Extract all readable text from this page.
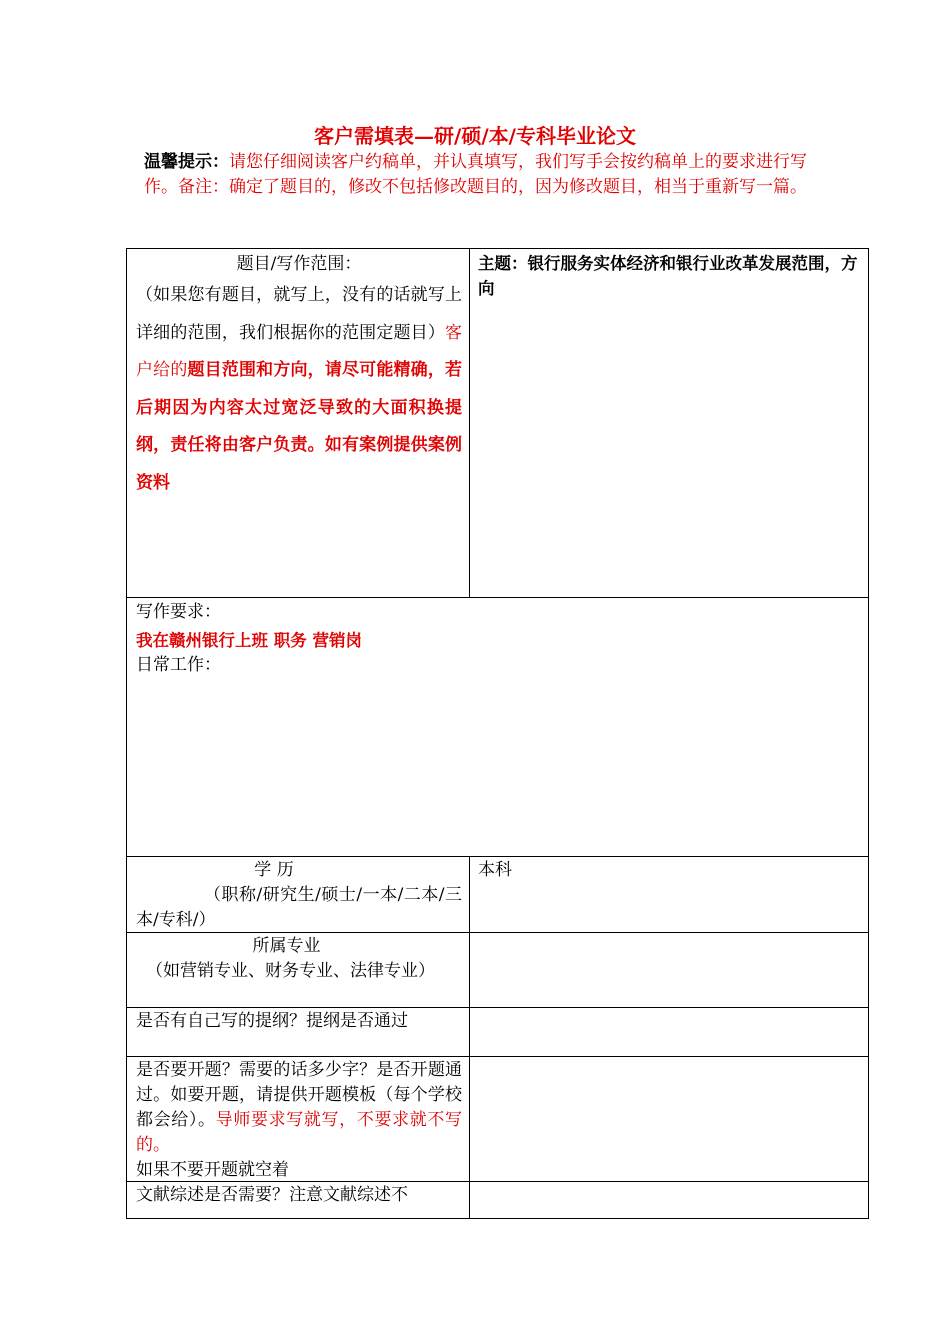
客户需填表—研/硕/本/专科毕业论文
温馨提示：请您仔细阅读客户约稿单，并认真填写，我们写手会按约稿单上的要求进行写作。备注：确定了题目的，修改不包括修改题目的，因为修改题目，相当于重新写一篇。
题目/写作范围：
（如果您有题目，就写上，没有的话就写上详细的范围，我们根据你的范围定题目）客户给的题目范围和方向，请尽可能精确，若后期因为内容太过宽泛导致的大面积换提纲，责任将由客户负责。如有案例提供案例资料
主题：银行服务实体经济和银行业改革发展范围，方向
写作要求：
我在赣州银行上班 职务 营销岗
日常工作：
学 历
（职称/研究生/硕士/一本/二本/三本/专科/）
本科
所属专业
（如营销专业、财务专业、法律专业）
是否有自己写的提纲？提纲是否通过
是否要开题？需要的话多少字？是否开题通过。如要开题，请提供开题模板（每个学校都会给）。导师要求写就写，不要求就不写的。
如果不要开题就空着
文献综述是否需要？注意文献综述不
